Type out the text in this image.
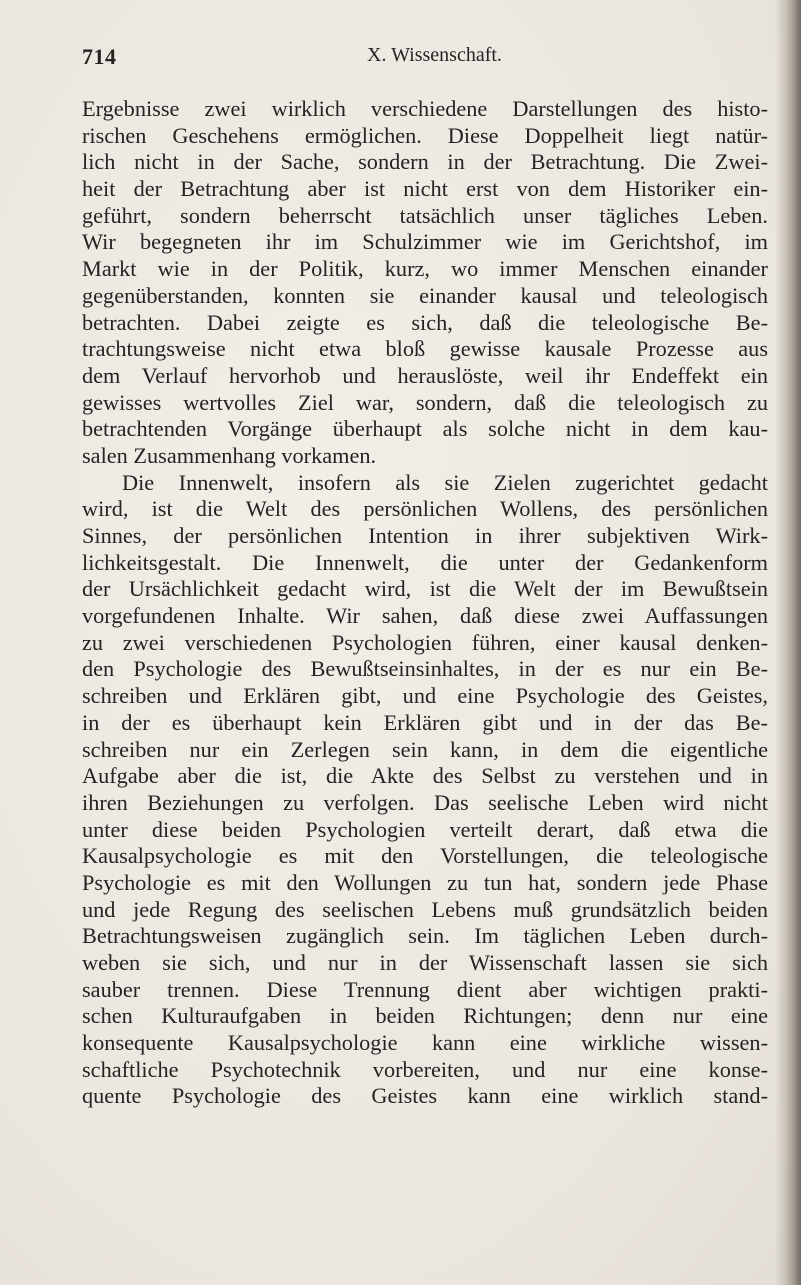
714	X. Wissenschaft.
Ergebnisse zwei wirklich verschiedene Darstellungen des histo-
rischen Geschehens ermöglichen. Diese Doppelheit liegt natür-
lich nicht in der Sache, sondern in der Betrachtung. Die Zwei-
heit der Betrachtung aber ist nicht erst von dem Historiker ein-
geführt, sondern beherrscht tatsächlich unser tägliches Leben.
Wir begegneten ihr im Schulzimmer wie im Gerichtshof, im
Markt wie in der Politik, kurz, wo immer Menschen einander
gegenüberstanden, konnten sie einander kausal und teleologisch
betrachten. Dabei zeigte es sich, daß die teleologische Be-
trachtungsweise nicht etwa bloß gewisse kausale Prozesse aus
dem Verlauf hervorhob und herauslöste, weil ihr Endeffekt ein
gewisses wertvolles Ziel war, sondern, daß die teleologisch zu
betrachtenden Vorgänge überhaupt als solche nicht in dem kau-
salen Zusammenhang vorkamen.
Die Innenwelt, insofern als sie Zielen zugerichtet gedacht
wird, ist die Welt des persönlichen Wollens, des persönlichen
Sinnes, der persönlichen Intention in ihrer subjektiven Wirk-
lichkeitsgestalt. Die Innenwelt, die unter der Gedankenform
der Ursächlichkeit gedacht wird, ist die Welt der im Bewußtsein
vorgefundenen Inhalte. Wir sahen, daß diese zwei Auffassungen
zu zwei verschiedenen Psychologien führen, einer kausal denken-
den Psychologie des Bewußtseinsinhaltes, in der es nur ein Be-
schreiben und Erklären gibt, und eine Psychologie des Geistes,
in der es überhaupt kein Erklären gibt und in der das Be-
schreiben nur ein Zerlegen sein kann, in dem die eigentliche
Aufgabe aber die ist, die Akte des Selbst zu verstehen und in
ihren Beziehungen zu verfolgen. Das seelische Leben wird nicht
unter diese beiden Psychologien verteilt derart, daß etwa die
Kausalpsychologie es mit den Vorstellungen, die teleologische
Psychologie es mit den Wollungen zu tun hat, sondern jede Phase
und jede Regung des seelischen Lebens muß grundsätzlich beiden
Betrachtungsweisen zugänglich sein. Im täglichen Leben durch-
weben sie sich, und nur in der Wissenschaft lassen sie sich
sauber trennen. Diese Trennung dient aber wichtigen prakti-
schen Kulturaufgaben in beiden Richtungen; denn nur eine
konsequente Kausalpsychologie kann eine wirkliche wissen-
schaftliche Psychotechnik vorbereiten, und nur eine konse-
quente Psychologie des Geistes kann eine wirklich stand-
